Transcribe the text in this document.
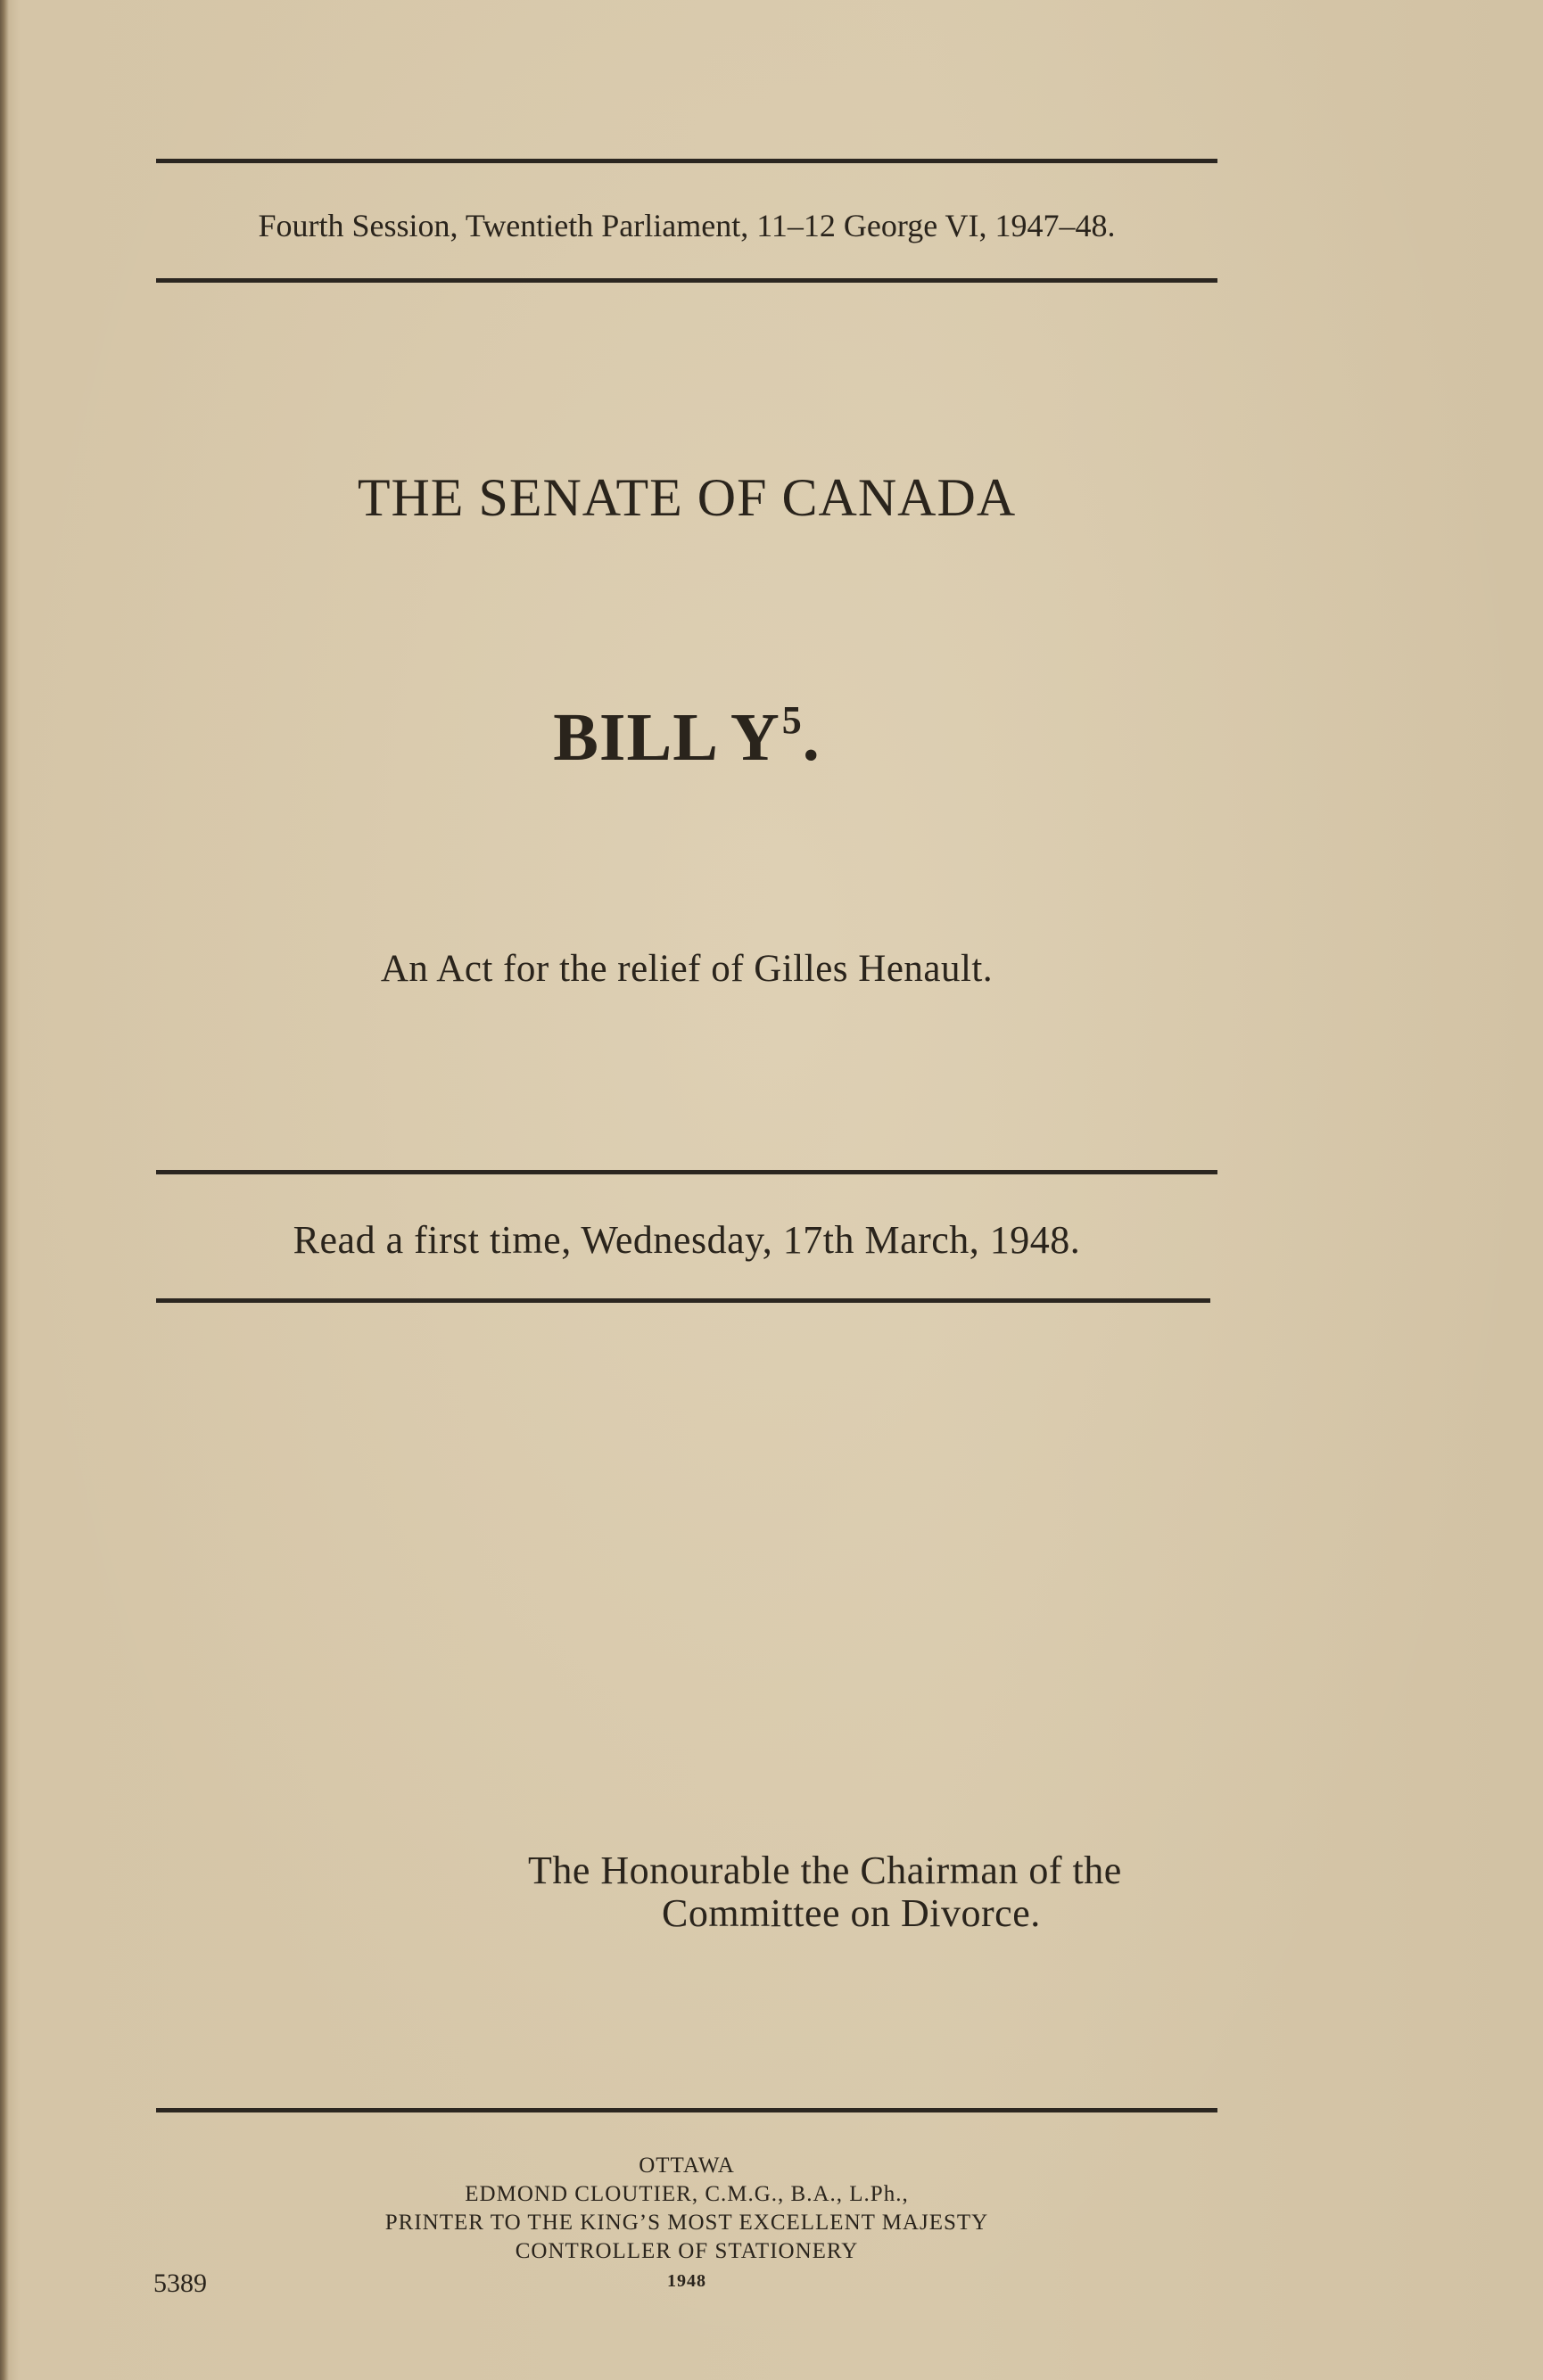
Fourth Session, Twentieth Parliament, 11–12 George VI, 1947–48.
THE SENATE OF CANADA
BILL $Y^5$.
An Act for the relief of Gilles Henault.
Read a first time, Wednesday, 17th March, 1948.
The Honourable the Chairman of the
Committee on Divorce.
OTTAWA
EDMOND CLOUTIER, C.M.G., B.A., L.Ph.,
PRINTER TO THE KING’S MOST EXCELLENT MAJESTY
CONTROLLER OF STATIONERY
1948
5389
